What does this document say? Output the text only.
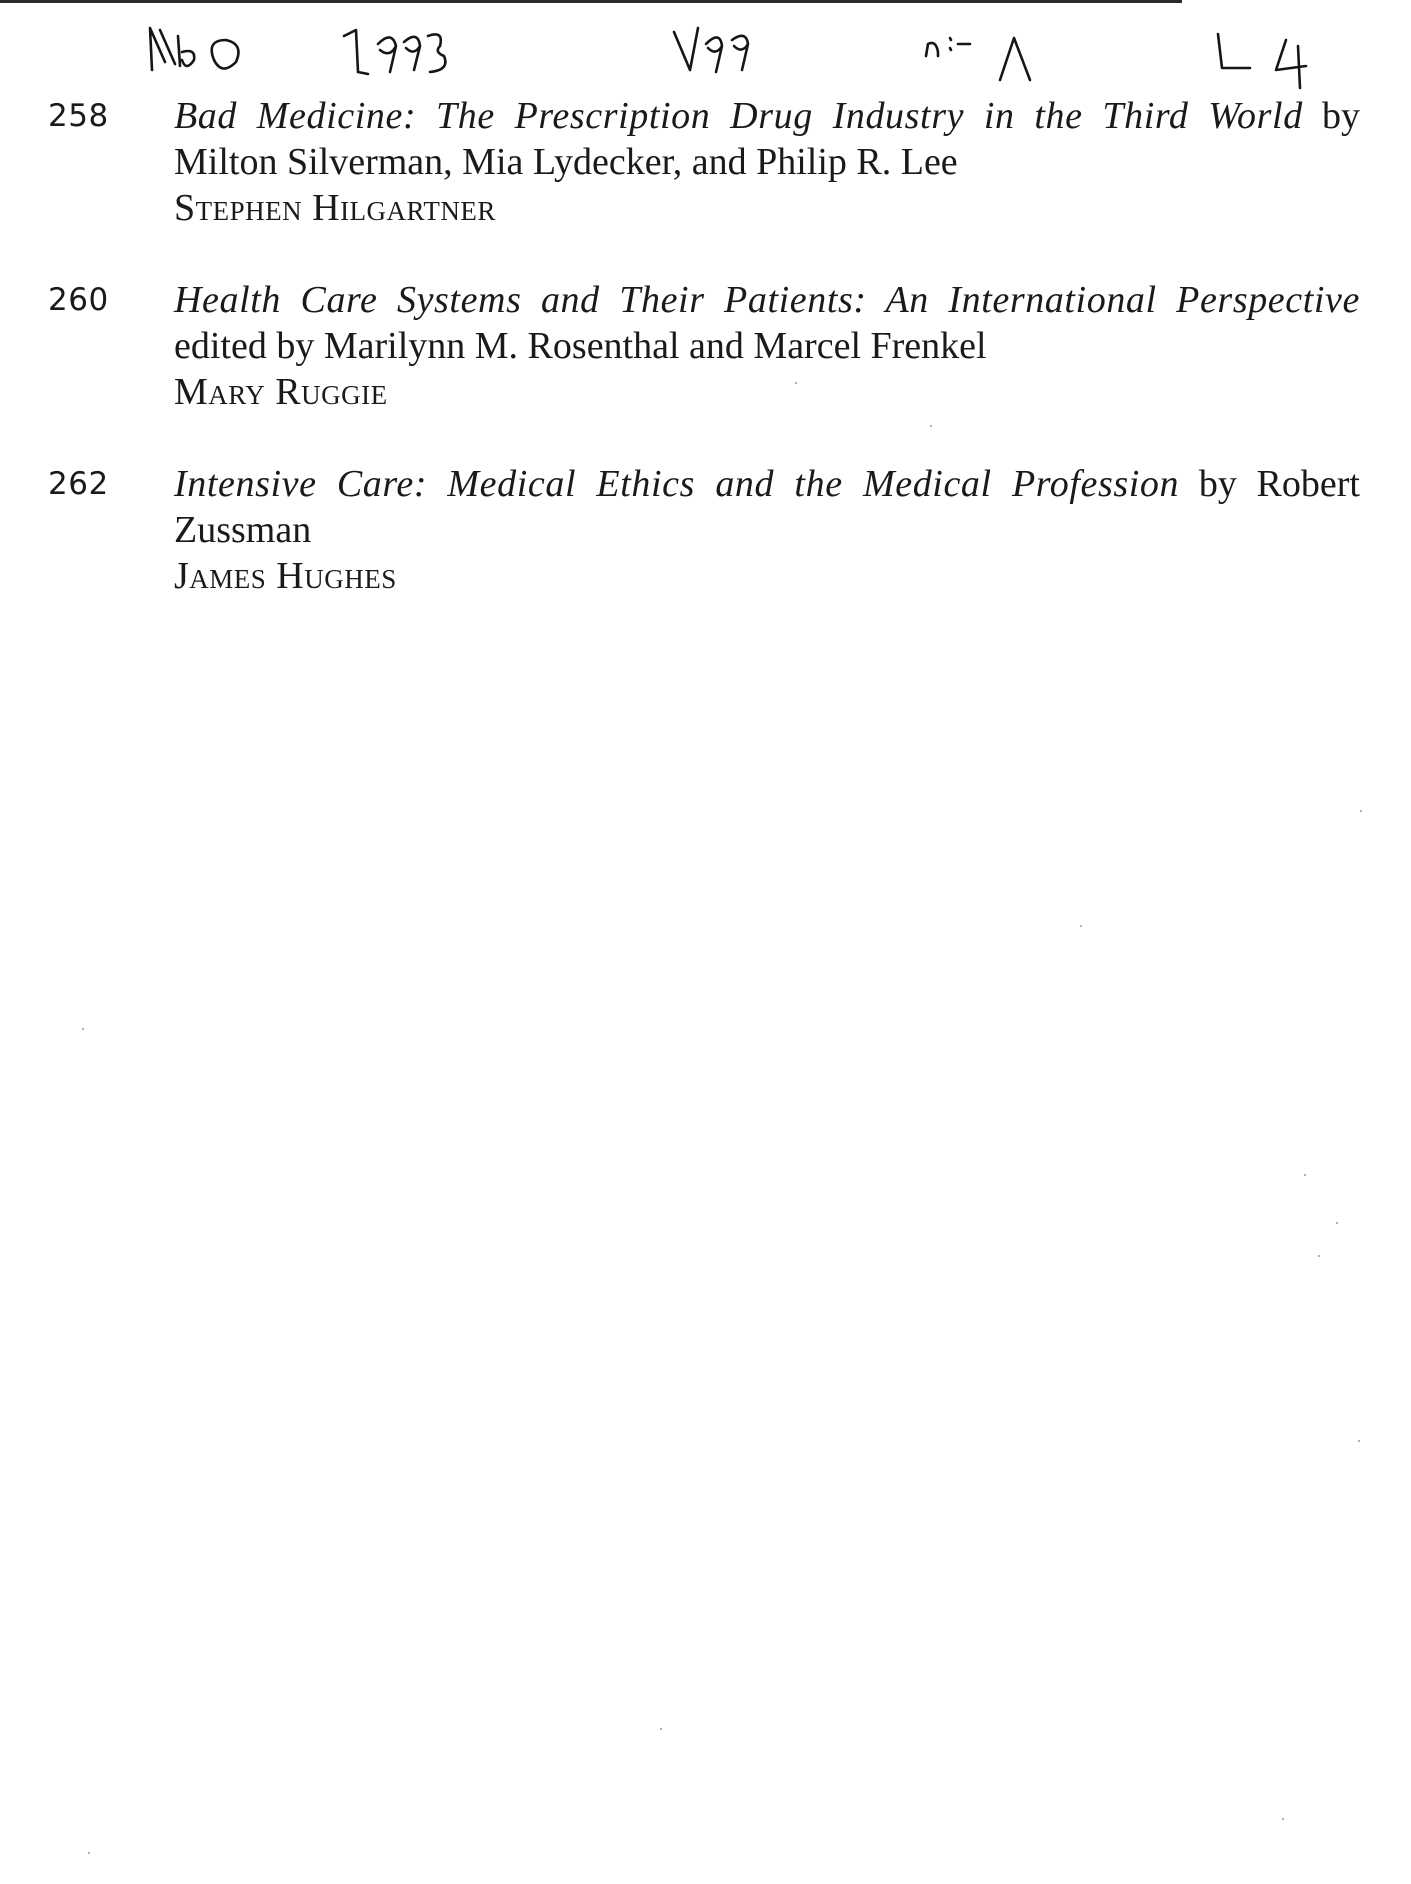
258	Bad Medicine: The Prescription Drug Industry in the Third World by Milton Silverman, Mia Lydecker, and Philip R. Lee
Stephen Hilgartner
260	Health Care Systems and Their Patients: An International Perspective edited by Marilynn M. Rosenthal and Marcel Frenkel
Mary Ruggie
262	Intensive Care: Medical Ethics and the Medical Profession by Robert Zussman
James Hughes
